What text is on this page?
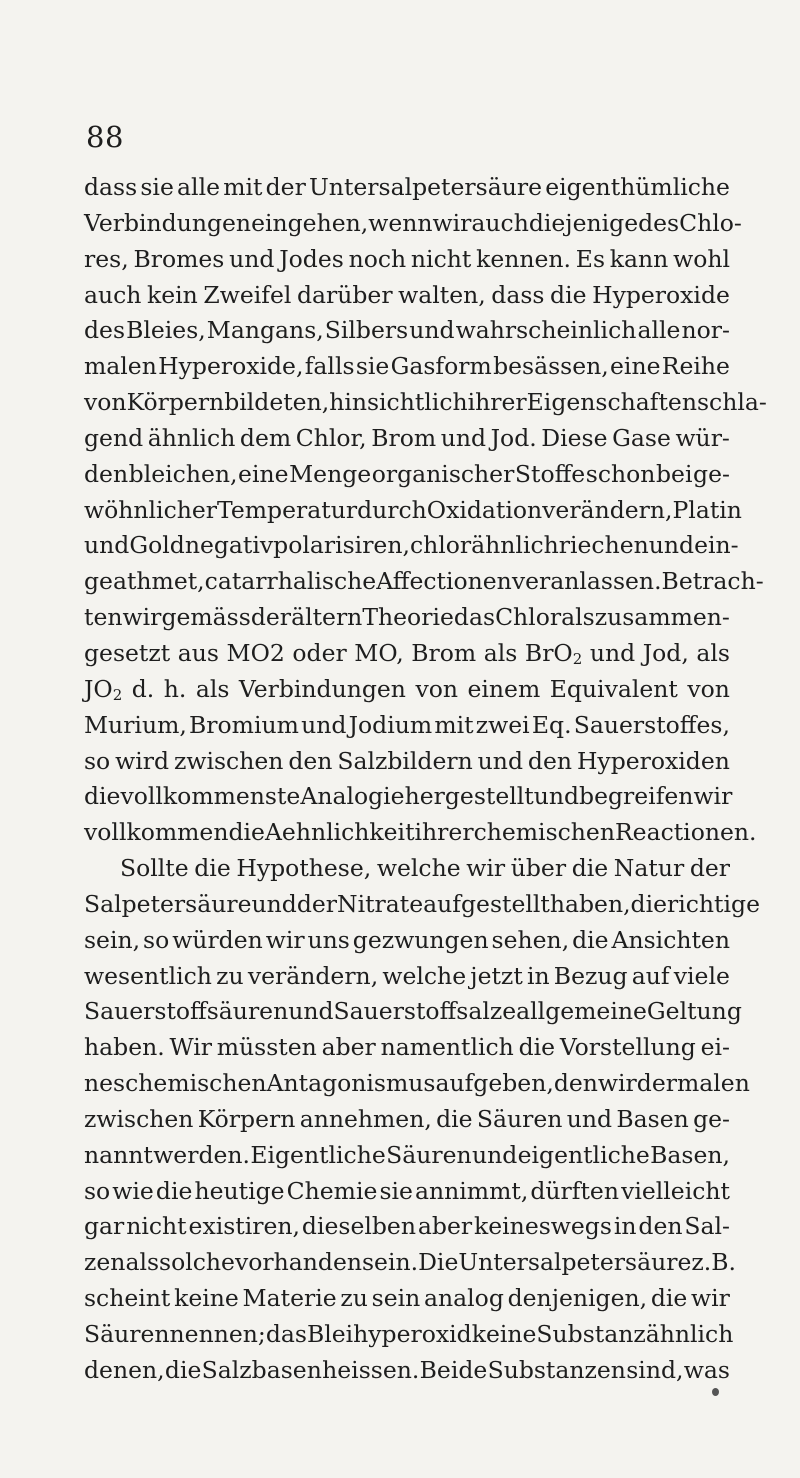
88
dass sie alle mit der Untersalpetersäure eigenthümliche
Verbindungen eingehen, wenn wir auch diejenige des Chlo-
res, Bromes und Jodes noch nicht kennen. Es kann wohl
auch kein Zweifel darüber walten, dass die Hyperoxide
des Bleies, Mangans, Silbers und wahrscheinlich alle nor-
malen Hyperoxide, falls sie Gasform besässen, eine Reihe
von Körpern bildeten, hinsichtlich ihrer Eigenschaften schla-
gend ähnlich dem Chlor, Brom und Jod. Diese Gase wür-
den bleichen, eine Menge organischer Stoffe schon bei ge-
wöhnlicher Temperatur durch Oxidation verändern, Platin
und Gold negativ polarisiren, chlorähnlich riechen und ein-
geathmet, catarrhalische Affectionen veranlassen. Betrach-
ten wir gemäss der ältern Theorie das Chlor als zusammen-
gesetzt aus MO2 oder MO, Brom als BrO$_2$ und Jod, als
$JO_2$ d. h. als Verbindungen von einem Equivalent von
Murium, Bromium und Jodium mit zwei Eq. Sauerstoffes,
so wird zwischen den Salzbildern und den Hyperoxiden
die vollkommenste Analogie hergestellt und begreifen wir
vollkommen die Aehnlichkeit ihrer chemischen Reactionen.
Sollte die Hypothese, welche wir über die Natur der
Salpetersäure und der Nitrate aufgestellt haben, die richtige
sein, so würden wir uns gezwungen sehen, die Ansichten
wesentlich zu verändern, welche jetzt in Bezug auf viele
Sauerstoffsäuren und Sauerstoffsalze allgemeine Geltung
haben. Wir müssten aber namentlich die Vorstellung ei-
nes chemischen Antagonismus aufgeben, den wir dermalen
zwischen Körpern annehmen, die Säuren und Basen ge-
nannt werden. Eigentliche Säuren und eigentliche Basen,
so wie die heutige Chemie sie annimmt, dürften vielleicht
gar nicht existiren, dieselben aber keineswegs in den Sal-
zen als solche vorhanden sein. Die Untersalpetersäure z. B.
scheint keine Materie zu sein analog denjenigen, die wir
Säuren nennen; das Bleihyperoxid keine Substanz ähnlich
denen, die Salzbasen heissen. Beide Substanzen sind, was
